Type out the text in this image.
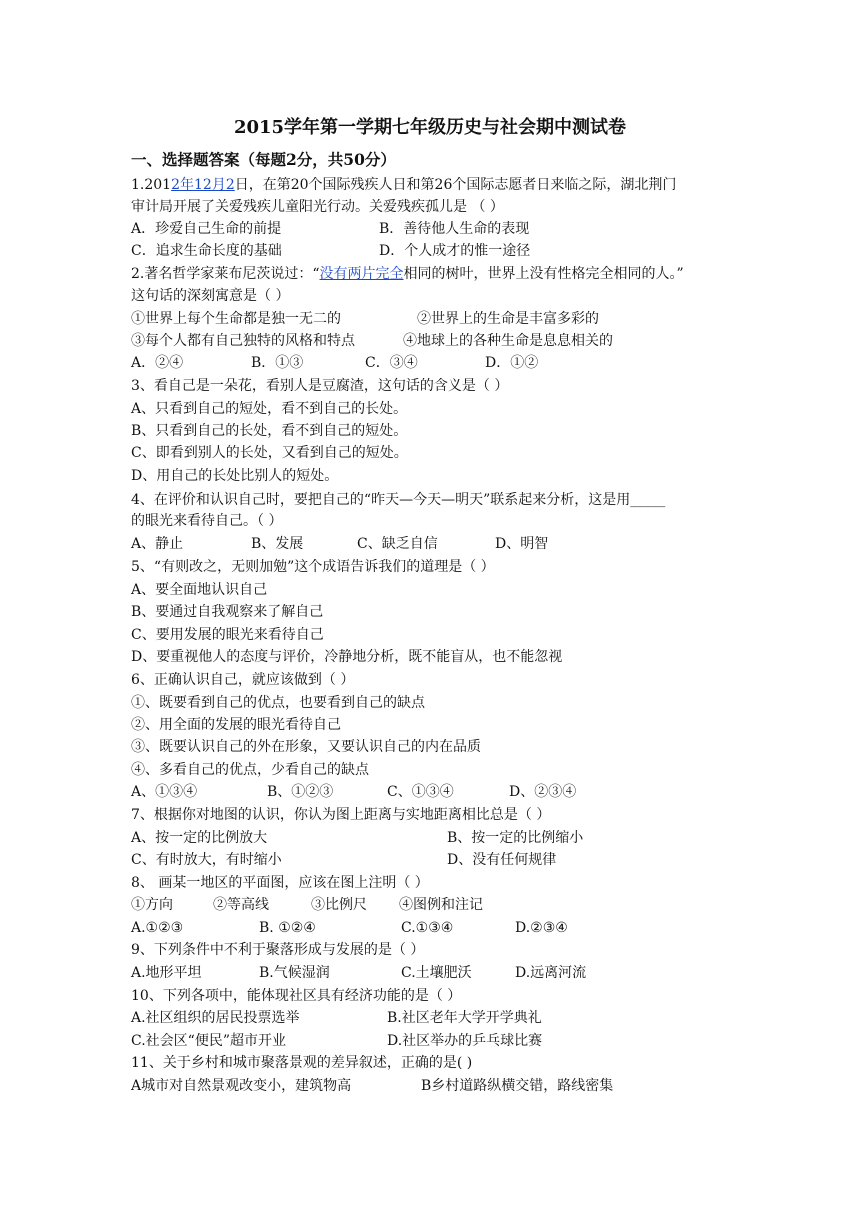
2015学年第一学期七年级历史与社会期中测试卷
一、选择题答案（每题2分，共50分）
1.2012年12月2日，在第20个国际残疾人日和第26个国际志愿者日来临之际，湖北荆门
审计局开展了关爱残疾儿童阳光行动。关爱残疾孤儿是 （ ）
A．珍爱自己生命的前提	B．善待他人生命的表现
C．追求生命长度的基础	D．个人成才的惟一途径
2.著名哲学家莱布尼茨说过：“没有两片完全相同的树叶，世界上没有性格完全相同的人。”
这句话的深刻寓意是（ ）
①世界上每个生命都是独一无二的	②世界上的生命是丰富多彩的
③每个人都有自己独特的风格和特点	④地球上的各种生命是息息相关的
A．②④	B．①③	C．③④	D．①②
3、看自己是一朵花，看别人是豆腐渣，这句话的含义是（ ）
A、只看到自己的短处，看不到自己的长处。
B、只看到自己的长处，看不到自己的短处。
C、即看到别人的长处，又看到自己的短处。
D、用自己的长处比别人的短处。
4、在评价和认识自己时，要把自己的“昨天—今天—明天”联系起来分析，这是用_____
的眼光来看待自己。（ ）
A、静止	B、发展	C、缺乏自信	D、明智
5、“有则改之，无则加勉”这个成语告诉我们的道理是（ ）
A、要全面地认识自己
B、要通过自我观察来了解自己
C、要用发展的眼光来看待自己
D、要重视他人的态度与评价，冷静地分析，既不能盲从，也不能忽视
6、正确认识自己，就应该做到（ ）
①、既要看到自己的优点，也要看到自己的缺点
②、用全面的发展的眼光看待自己
③、既要认识自己的外在形象，又要认识自己的内在品质
④、多看自己的优点，少看自己的缺点
A、①③④	B、①②③	C、①③④	D、②③④
7、根据你对地图的认识，你认为图上距离与实地距离相比总是（ ）
A、按一定的比例放大	B、按一定的比例缩小
C、有时放大，有时缩小	D、没有任何规律
8、 画某一地区的平面图，应该在图上注明（ ）
①方向	②等高线	③比例尺 ④图例和注记
A.①②③	B. ①②④	C.①③④	D.②③④
9、下列条件中不利于聚落形成与发展的是（ ）
A.地形平坦	B.气候湿润	C.土壤肥沃	D.远离河流
10、下列各项中，能体现社区具有经济功能的是（ ）
A.社区组织的居民投票选举	B.社区老年大学开学典礼
C.社会区“便民”超市开业	D.社区举办的乒乓球比赛
11、关于乡村和城市聚落景观的差异叙述，正确的是( )
A城市对自然景观改变小，建筑物高	B乡村道路纵横交错，路线密集
